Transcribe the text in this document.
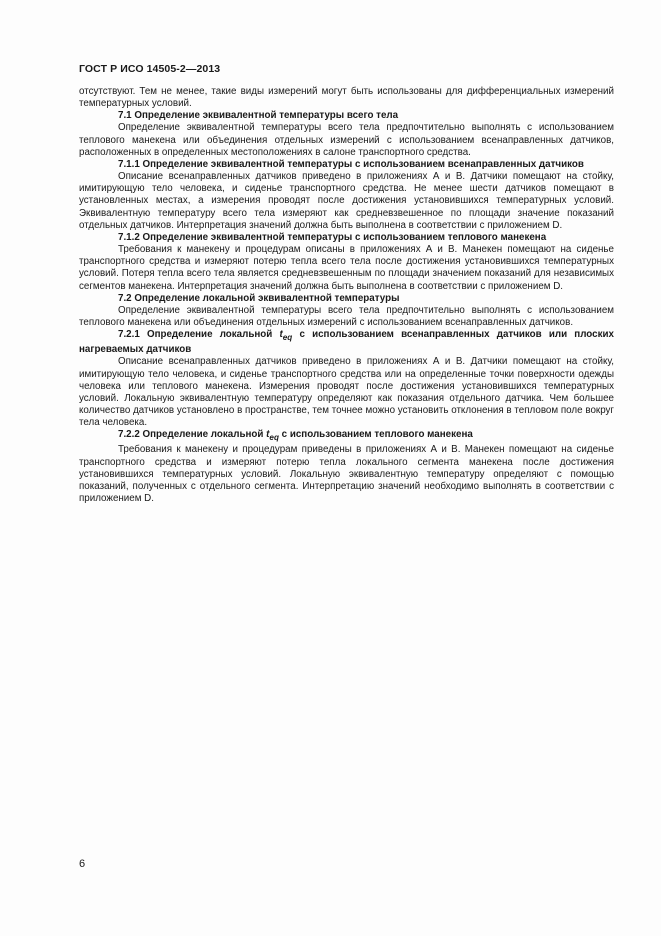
ГОСТ Р ИСО 14505-2—2013

отсутствуют. Тем не менее, такие виды измерений могут быть использованы для дифференциальных измерений температурных условий.

7.1 Определение эквивалентной температуры всего тела

Определение эквивалентной температуры всего тела предпочтительно выполнять с использованием теплового манекена или объединения отдельных измерений с использованием всенаправленных датчиков, расположенных в определенных местоположениях в салоне транспортного средства.

7.1.1 Определение эквивалентной температуры с использованием всенаправленных датчиков

Описание всенаправленных датчиков приведено в приложениях А и В. Датчики помещают на стойку, имитирующую тело человека, и сиденье транспортного средства. Не менее шести датчиков помещают в установленных местах, а измерения проводят после достижения установившихся температурных условий. Эквивалентную температуру всего тела измеряют как средневзвешенное по площади значение показаний отдельных датчиков. Интерпретация значений должна быть выполнена в соответствии с приложением D.

7.1.2 Определение эквивалентной температуры с использованием теплового манекена

Требования к манекену и процедурам описаны в приложениях А и В. Манекен помещают на сиденье транспортного средства и измеряют потерю тепла всего тела после достижения установившихся температурных условий. Потеря тепла всего тела является средневзвешенным по площади значением показаний для независимых сегментов манекена. Интерпретация значений должна быть выполнена в соответствии с приложением D.

7.2 Определение локальной эквивалентной температуры

Определение эквивалентной температуры всего тела предпочтительно выполнять с использованием теплового манекена или объединения отдельных измерений с использованием всенаправленных датчиков.

7.2.1 Определение локальной $t_{eq}$ с использованием всенаправленных датчиков или плоских нагреваемых датчиков

Описание всенаправленных датчиков приведено в приложениях А и В. Датчики помещают на стойку, имитирующую тело человека, и сиденье транспортного средства или на определенные точки поверхности одежды человека или теплового манекена. Измерения проводят после достижения установившихся температурных условий. Локальную эквивалентную температуру определяют как показания отдельного датчика. Чем большее количество датчиков установлено в пространстве, тем точнее можно установить отклонения в тепловом поле вокруг тела человека.

7.2.2 Определение локальной $t_{eq}$ с использованием теплового манекена

Требования к манекену и процедурам приведены в приложениях А и В. Манекен помещают на сиденье транспортного средства и измеряют потерю тепла локального сегмента манекена после достижения установившихся температурных условий. Локальную эквивалентную температуру определяют с помощью показаний, полученных с отдельного сегмента. Интерпретацию значений необходимо выполнять в соответствии с приложением D.

6
